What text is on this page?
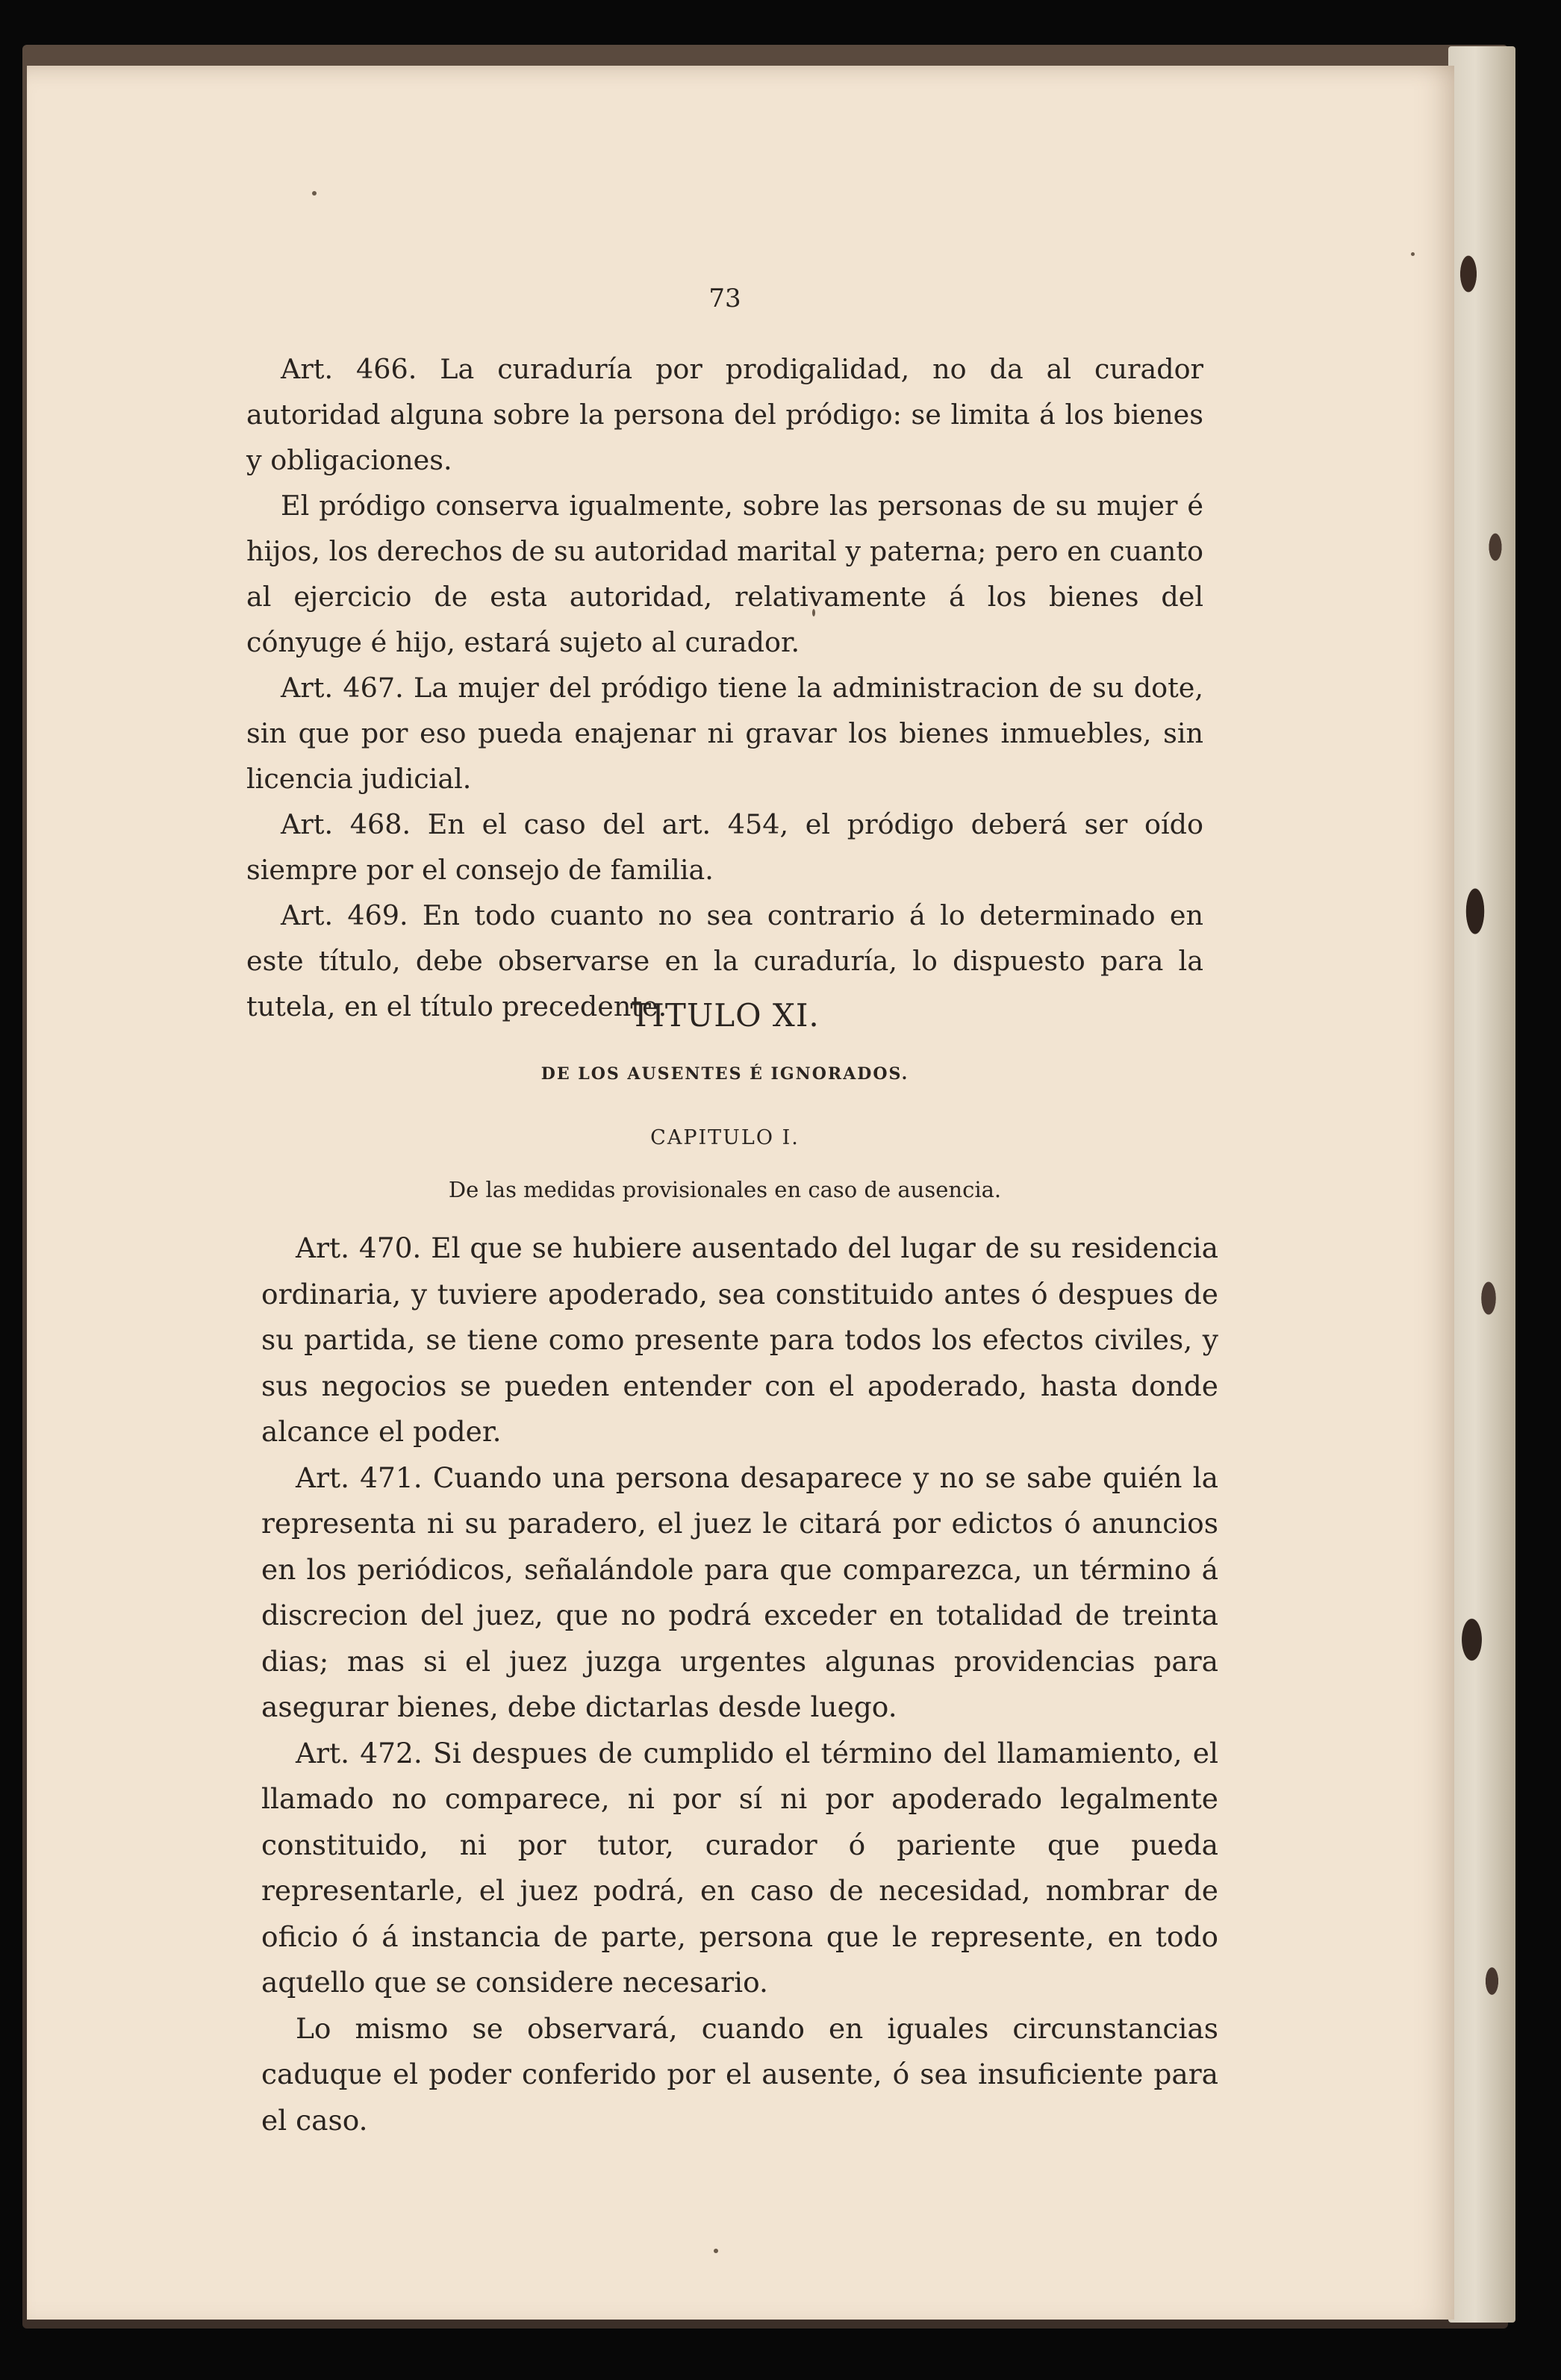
73

Art. 466. La curaduría por prodigalidad, no da al curador autoridad alguna sobre la persona del pródigo: se limita á los bienes y obligaciones.

El pródigo conserva igualmente, sobre las personas de su mujer é hijos, los derechos de su autoridad marital y paterna; pero en cuanto al ejercicio de esta autoridad, relativamente á los bienes del cónyuge é hijo, estará sujeto al curador.

Art. 467. La mujer del pródigo tiene la administracion de su dote, sin que por eso pueda enajenar ni gravar los bienes inmuebles, sin licencia judicial.

Art. 468. En el caso del art. 454, el pródigo deberá ser oído siempre por el consejo de familia.

Art. 469. En todo cuanto no sea contrario á lo determinado en este título, debe observarse en la curaduría, lo dispuesto para la tutela, en el título precedente.

TITULO XI.
DE LOS AUSENTES É IGNORADOS.
CAPITULO I.
De las medidas provisionales en caso de ausencia.

Art. 470. El que se hubiere ausentado del lugar de su residencia ordinaria, y tuviere apoderado, sea constituido antes ó despues de su partida, se tiene como presente para todos los efectos civiles, y sus negocios se pueden entender con el apoderado, hasta donde alcance el poder.

Art. 471. Cuando una persona desaparece y no se sabe quién la representa ni su paradero, el juez le citará por edictos ó anuncios en los periódicos, señalándole para que comparezca, un término á discrecion del juez, que no podrá exceder en totalidad de treinta dias; mas si el juez juzga urgentes algunas providencias para asegurar bienes, debe dictarlas desde luego.

Art. 472. Si despues de cumplido el término del llamamiento, el llamado no comparece, ni por sí ni por apoderado legalmente constituido, ni por tutor, curador ó pariente que pueda representarle, el juez podrá, en caso de necesidad, nombrar de oficio ó á instancia de parte, persona que le represente, en todo aquello que se considere necesario.

Lo mismo se observará, cuando en iguales circunstancias caduque el poder conferido por el ausente, ó sea insuficiente para el caso.
